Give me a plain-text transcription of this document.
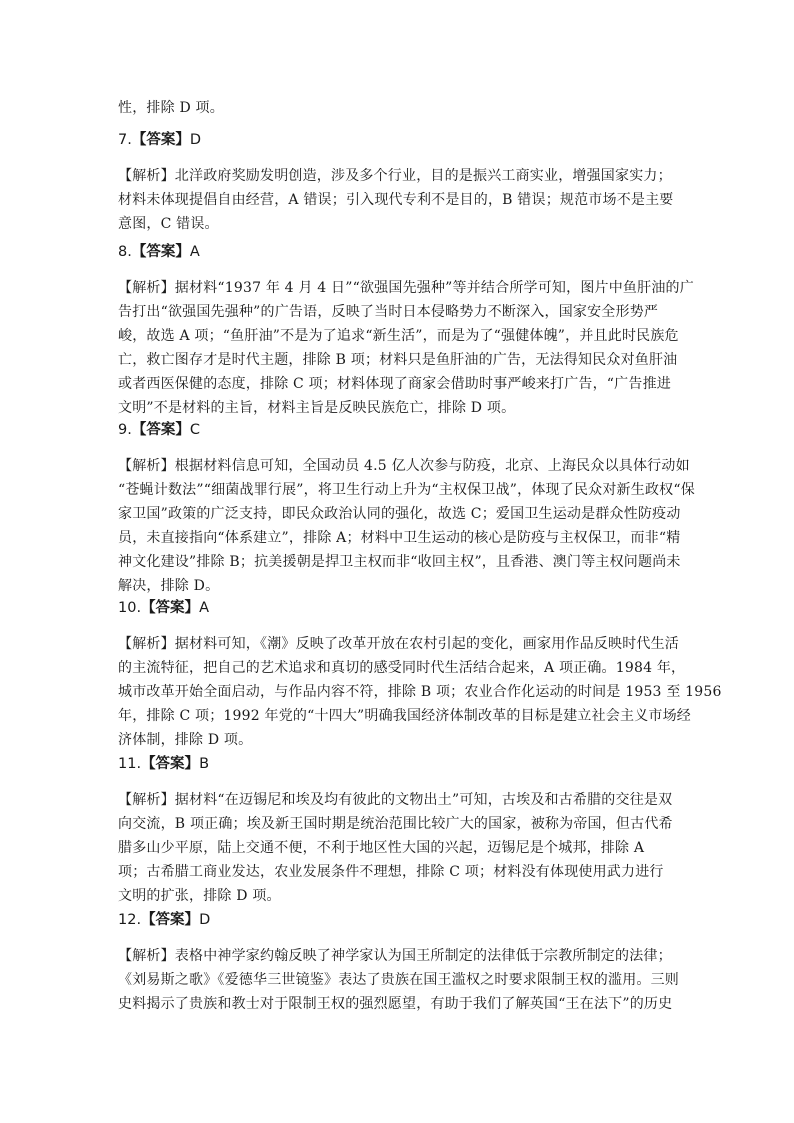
性，排除 D 项。
7.【答案】D
【解析】北洋政府奖励发明创造，涉及多个行业，目的是振兴工商实业，增强国家实力；
材料未体现提倡自由经营，A 错误；引入现代专利不是目的，B 错误；规范市场不是主要
意图，C 错误。
8.【答案】A
【解析】据材料“1937 年 4 月 4 日”“欲强国先强种”等并结合所学可知，图片中鱼肝油的广
告打出“欲强国先强种”的广告语，反映了当时日本侵略势力不断深入，国家安全形势严
峻，故选 A 项；“鱼肝油”不是为了追求“新生活”，而是为了“强健体魄”，并且此时民族危
亡，救亡图存才是时代主题，排除 B 项；材料只是鱼肝油的广告，无法得知民众对鱼肝油
或者西医保健的态度，排除 C 项；材料体现了商家会借助时事严峻来打广告，“广告推进
文明”不是材料的主旨，材料主旨是反映民族危亡，排除 D 项。
9.【答案】C
【解析】根据材料信息可知，全国动员 4.5 亿人次参与防疫，北京、上海民众以具体行动如
“苍蝇计数法”“细菌战罪行展”，将卫生行动上升为“主权保卫战”，体现了民众对新生政权“保
家卫国”政策的广泛支持，即民众政治认同的强化，故选 C；爱国卫生运动是群众性防疫动
员，未直接指向“体系建立”，排除 A；材料中卫生运动的核心是防疫与主权保卫，而非“精
神文化建设”排除 B；抗美援朝是捍卫主权而非“收回主权”，且香港、澳门等主权问题尚未
解决，排除 D。
10.【答案】A
【解析】据材料可知，《潮》反映了改革开放在农村引起的变化，画家用作品反映时代生活
的主流特征，把自己的艺术追求和真切的感受同时代生活结合起来，A 项正确。1984 年，
城市改革开始全面启动，与作品内容不符，排除 B 项；农业合作化运动的时间是 1953 至 1956
年，排除 C 项；1992 年党的“十四大”明确我国经济体制改革的目标是建立社会主义市场经
济体制，排除 D 项。
11.【答案】B
【解析】据材料“在迈锡尼和埃及均有彼此的文物出土”可知，古埃及和古希腊的交往是双
向交流，B 项正确；埃及新王国时期是统治范围比较广大的国家，被称为帝国，但古代希
腊多山少平原，陆上交通不便，不利于地区性大国的兴起，迈锡尼是个城邦，排除 A
项；古希腊工商业发达，农业发展条件不理想，排除 C 项；材料没有体现使用武力进行
文明的扩张，排除 D 项。
12.【答案】D
【解析】表格中神学家约翰反映了神学家认为国王所制定的法律低于宗教所制定的法律；
《刘易斯之歌》《爱德华三世镜鉴》表达了贵族在国王滥权之时要求限制王权的滥用。三则
史料揭示了贵族和教士对于限制王权的强烈愿望，有助于我们了解英国“王在法下”的历史
